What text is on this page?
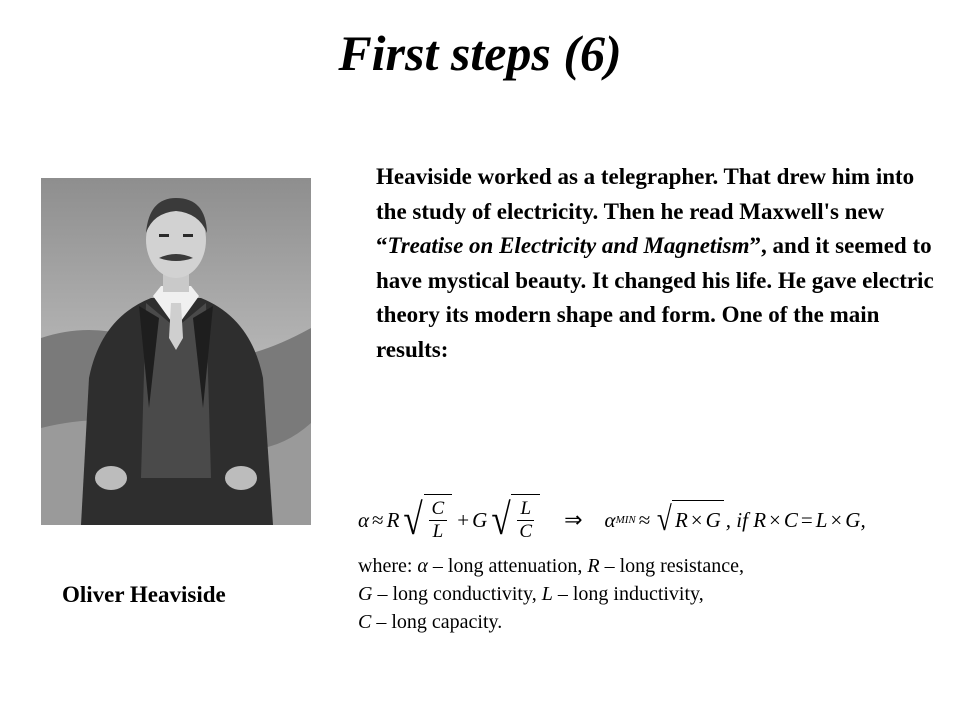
First steps (6)
Oliver Heaviside

Heaviside worked as a telegrapher. That drew him into the study of electricity. Then he read Maxwell's new “Treatise on Electricity and Magnetism”, and it seemed to have mystical beauty. It changed his life. He gave electric theory its modern shape and form. One of the main results:

α ≈ R √ $\frac{C}{L} + G$ √ $\frac{L}{C}$ ⇒ α MIN ≈ √ R × G , if R × C = L × G ,
where: α – long attenuation, R – long resistance,
G – long conductivity, L – long inductivity,
C – long capacity.
